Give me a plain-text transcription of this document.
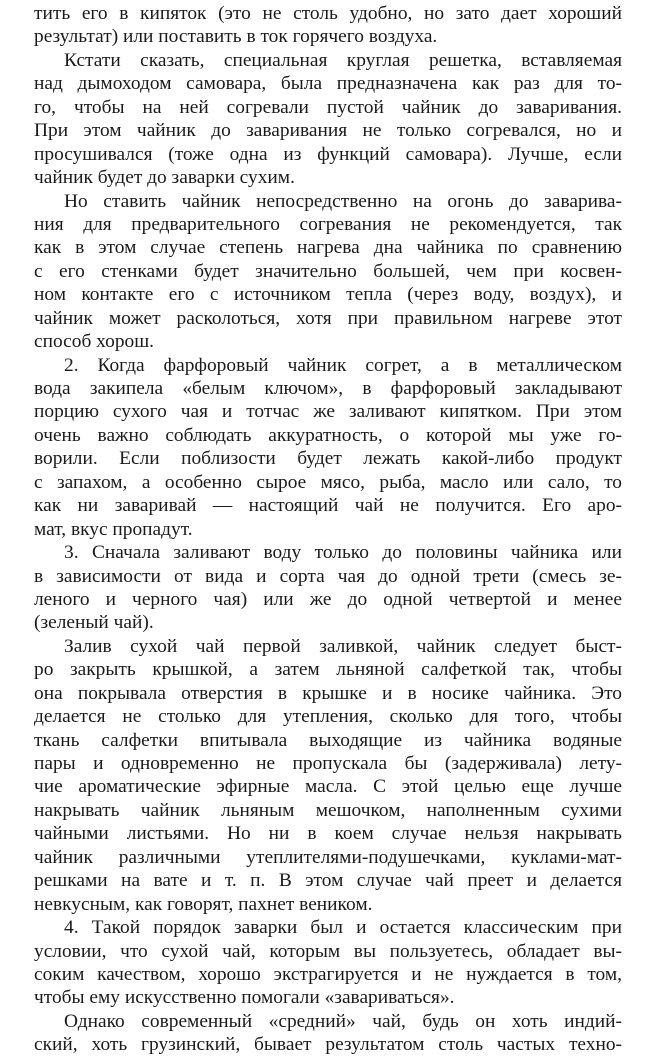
тить его в кипяток (это не столь удобно, но зато дает хороший
результат) или поставить в ток горячего воздуха.
Кстати сказать, специальная круглая решетка, вставляемая
над дымоходом самовара, была предназначена как раз для то-
го, чтобы на ней согревали пустой чайник до заваривания.
При этом чайник до заваривания не только согревался, но и
просушивался (тоже одна из функций самовара). Лучше, если
чайник будет до заварки сухим.
Но ставить чайник непосредственно на огонь до заварива-
ния для предварительного согревания не рекомендуется, так
как в этом случае степень нагрева дна чайника по сравнению
с его стенками будет значительно большей, чем при косвен-
ном контакте его с источником тепла (через воду, воздух), и
чайник может расколоться, хотя при правильном нагреве этот
способ хорош.
2. Когда фарфоровый чайник согрет, а в металлическом
вода закипела «белым ключом», в фарфоровый закладывают
порцию сухого чая и тотчас же заливают кипятком. При этом
очень важно соблюдать аккуратность, о которой мы уже го-
ворили. Если поблизости будет лежать какой-либо продукт
с запахом, а особенно сырое мясо, рыба, масло или сало, то
как ни заваривай — настоящий чай не получится. Его аро-
мат, вкус пропадут.
3. Сначала заливают воду только до половины чайника или
в зависимости от вида и сорта чая до одной трети (смесь зе-
леного и черного чая) или же до одной четвертой и менее
(зеленый чай).
Залив сухой чай первой заливкой, чайник следует быст-
ро закрыть крышкой, а затем льняной салфеткой так, чтобы
она покрывала отверстия в крышке и в носике чайника. Это
делается не столько для утепления, сколько для того, чтобы
ткань салфетки впитывала выходящие из чайника водяные
пары и одновременно не пропускала бы (задерживала) лету-
чие ароматические эфирные масла. С этой целью еще лучше
накрывать чайник льняным мешочком, наполненным сухими
чайными листьями. Но ни в коем случае нельзя накрывать
чайник различными утеплителями-подушечками, куклами-мат-
решками на вате и т. п. В этом случае чай преет и делается
невкусным, как говорят, пахнет веником.
4. Такой порядок заварки был и остается классическим при
условии, что сухой чай, которым вы пользуетесь, обладает вы-
соким качеством, хорошо экстрагируется и не нуждается в том,
чтобы ему искусственно помогали «завариваться».
Однако современный «средний» чай, будь он хоть индий-
ский, хоть грузинский, бывает результатом столь частых техно-
